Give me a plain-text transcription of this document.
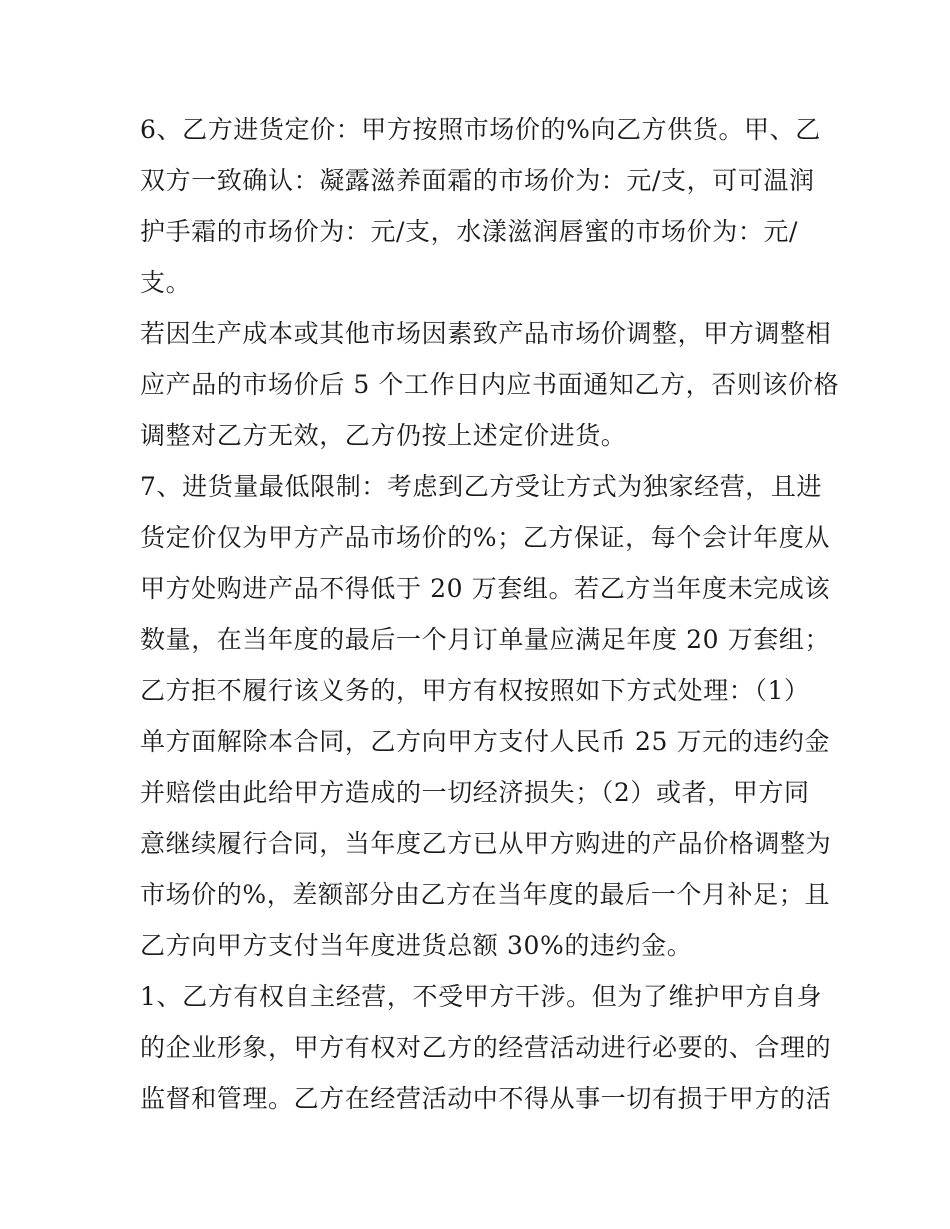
6、乙方进货定价：甲方按照市场价的%向乙方供货。甲、乙
双方一致确认：凝露滋养面霜的市场价为：元/支，可可温润
护手霜的市场价为：元/支，水漾滋润唇蜜的市场价为：元/
支。
若因生产成本或其他市场因素致产品市场价调整，甲方调整相
应产品的市场价后 5 个工作日内应书面通知乙方，否则该价格
调整对乙方无效，乙方仍按上述定价进货。
7、进货量最低限制：考虑到乙方受让方式为独家经营，且进
货定价仅为甲方产品市场价的%；乙方保证，每个会计年度从
甲方处购进产品不得低于 20 万套组。若乙方当年度未完成该
数量，在当年度的最后一个月订单量应满足年度 20 万套组；
乙方拒不履行该义务的，甲方有权按照如下方式处理：（1）
单方面解除本合同，乙方向甲方支付人民币 25 万元的违约金
并赔偿由此给甲方造成的一切经济损失；（2）或者，甲方同
意继续履行合同，当年度乙方已从甲方购进的产品价格调整为
市场价的%，差额部分由乙方在当年度的最后一个月补足；且
乙方向甲方支付当年度进货总额 30%的违约金。
1、乙方有权自主经营，不受甲方干涉。但为了维护甲方自身
的企业形象，甲方有权对乙方的经营活动进行必要的、合理的
监督和管理。乙方在经营活动中不得从事一切有损于甲方的活
